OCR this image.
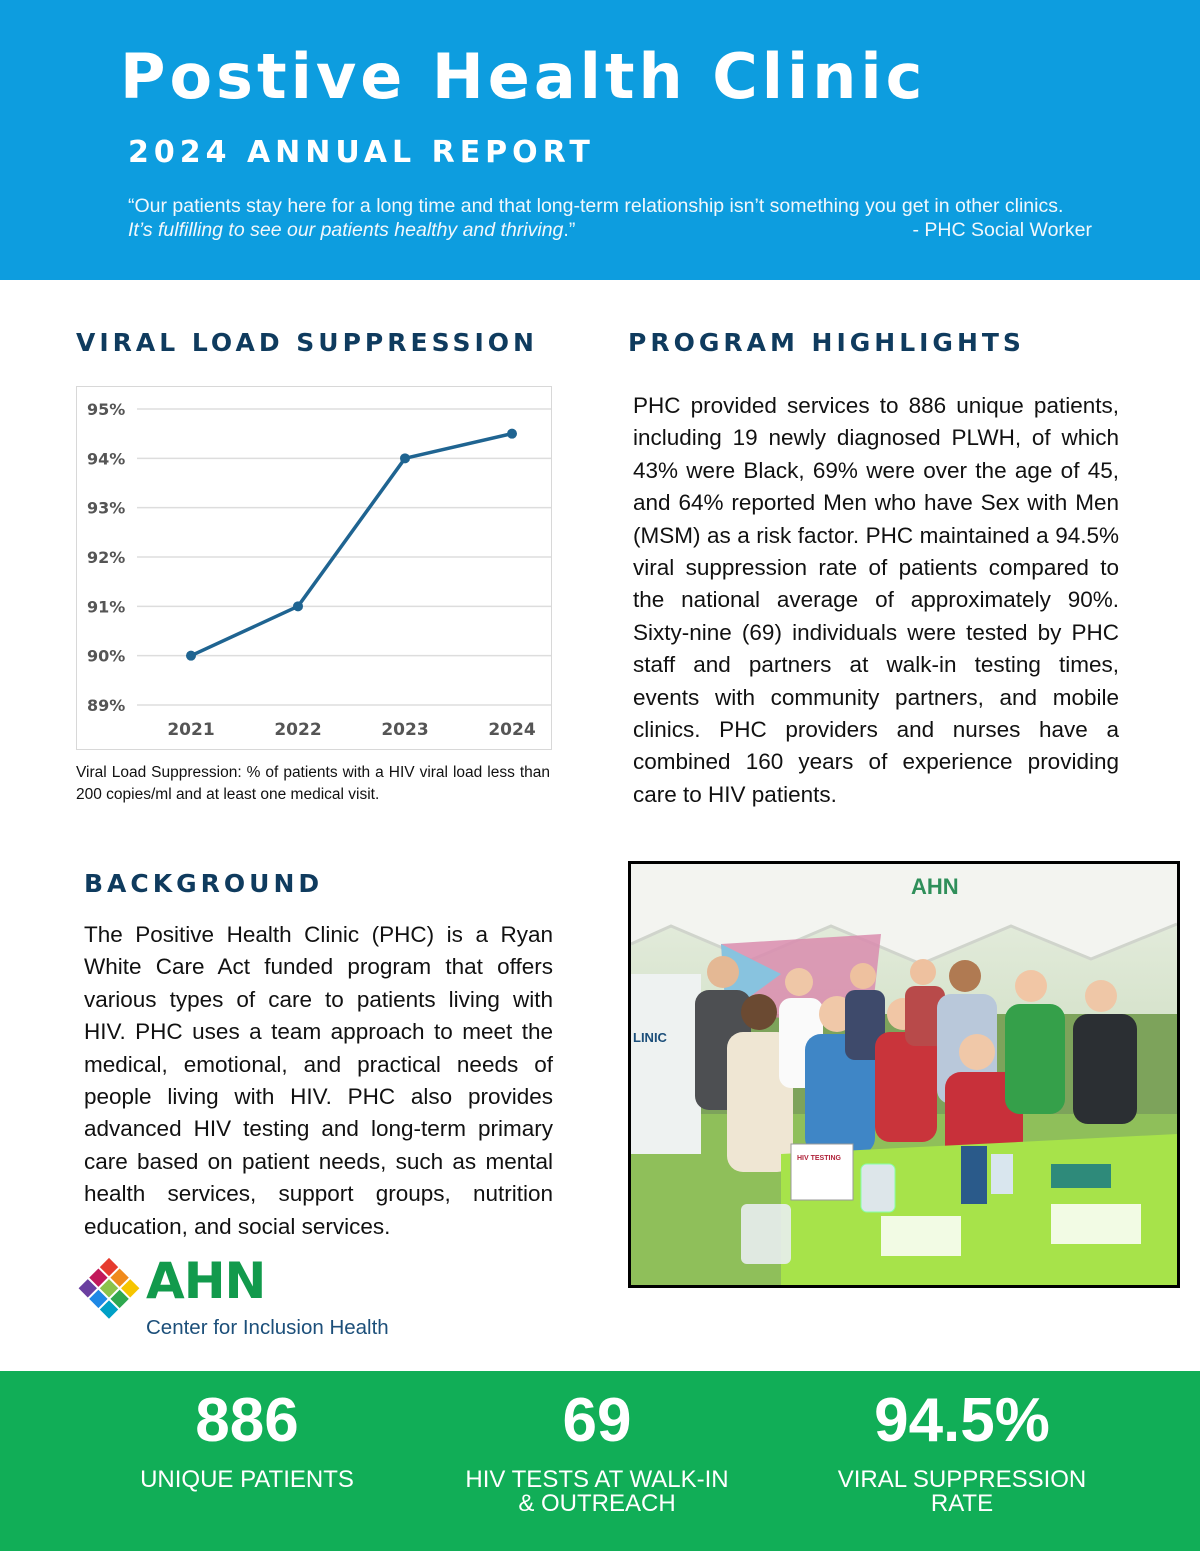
Postive Health Clinic
2024 ANNUAL REPORT
“Our patients stay here for a long time and that long-term relationship isn’t something you get in other clinics. It’s fulfilling to see our patients healthy and thriving.”	- PHC Social Worker
VIRAL LOAD SUPPRESSION
89%
90%
91%
92%
93%
94%
95%
2021	2022	2023	2024
Viral Load Suppression: % of patients with a HIV viral load less than 200 copies/ml and at least one medical visit.
PROGRAM HIGHLIGHTS
PHC provided services to 886 unique patients, including 19 newly diagnosed PLWH, of which 43% were Black, 69% were over the age of 45, and 64% reported Men who have Sex with Men (MSM) as a risk factor. PHC maintained a 94.5% viral suppression rate of patients compared to the national average of approximately 90%. Sixty-nine (69) individuals were tested by PHC staff and partners at walk-in testing times, events with community partners, and mobile clinics. PHC providers and nurses have a combined 160 years of experience providing care to HIV patients.
BACKGROUND
The Positive Health Clinic (PHC) is a Ryan White Care Act funded program that offers various types of care to patients living with HIV. PHC uses a team approach to meet the medical, emotional, and practical needs of people living with HIV. PHC also provides advanced HIV testing and long-term primary care based on patient needs, such as mental health services, support groups, nutrition education, and social services.
AHN
LINIC
HIV TESTING
AHN
Center for Inclusion Health
886
UNIQUE PATIENTS
69
HIV TESTS AT WALK-IN
& OUTREACH
94.5%
VIRAL SUPPRESSION
RATE
